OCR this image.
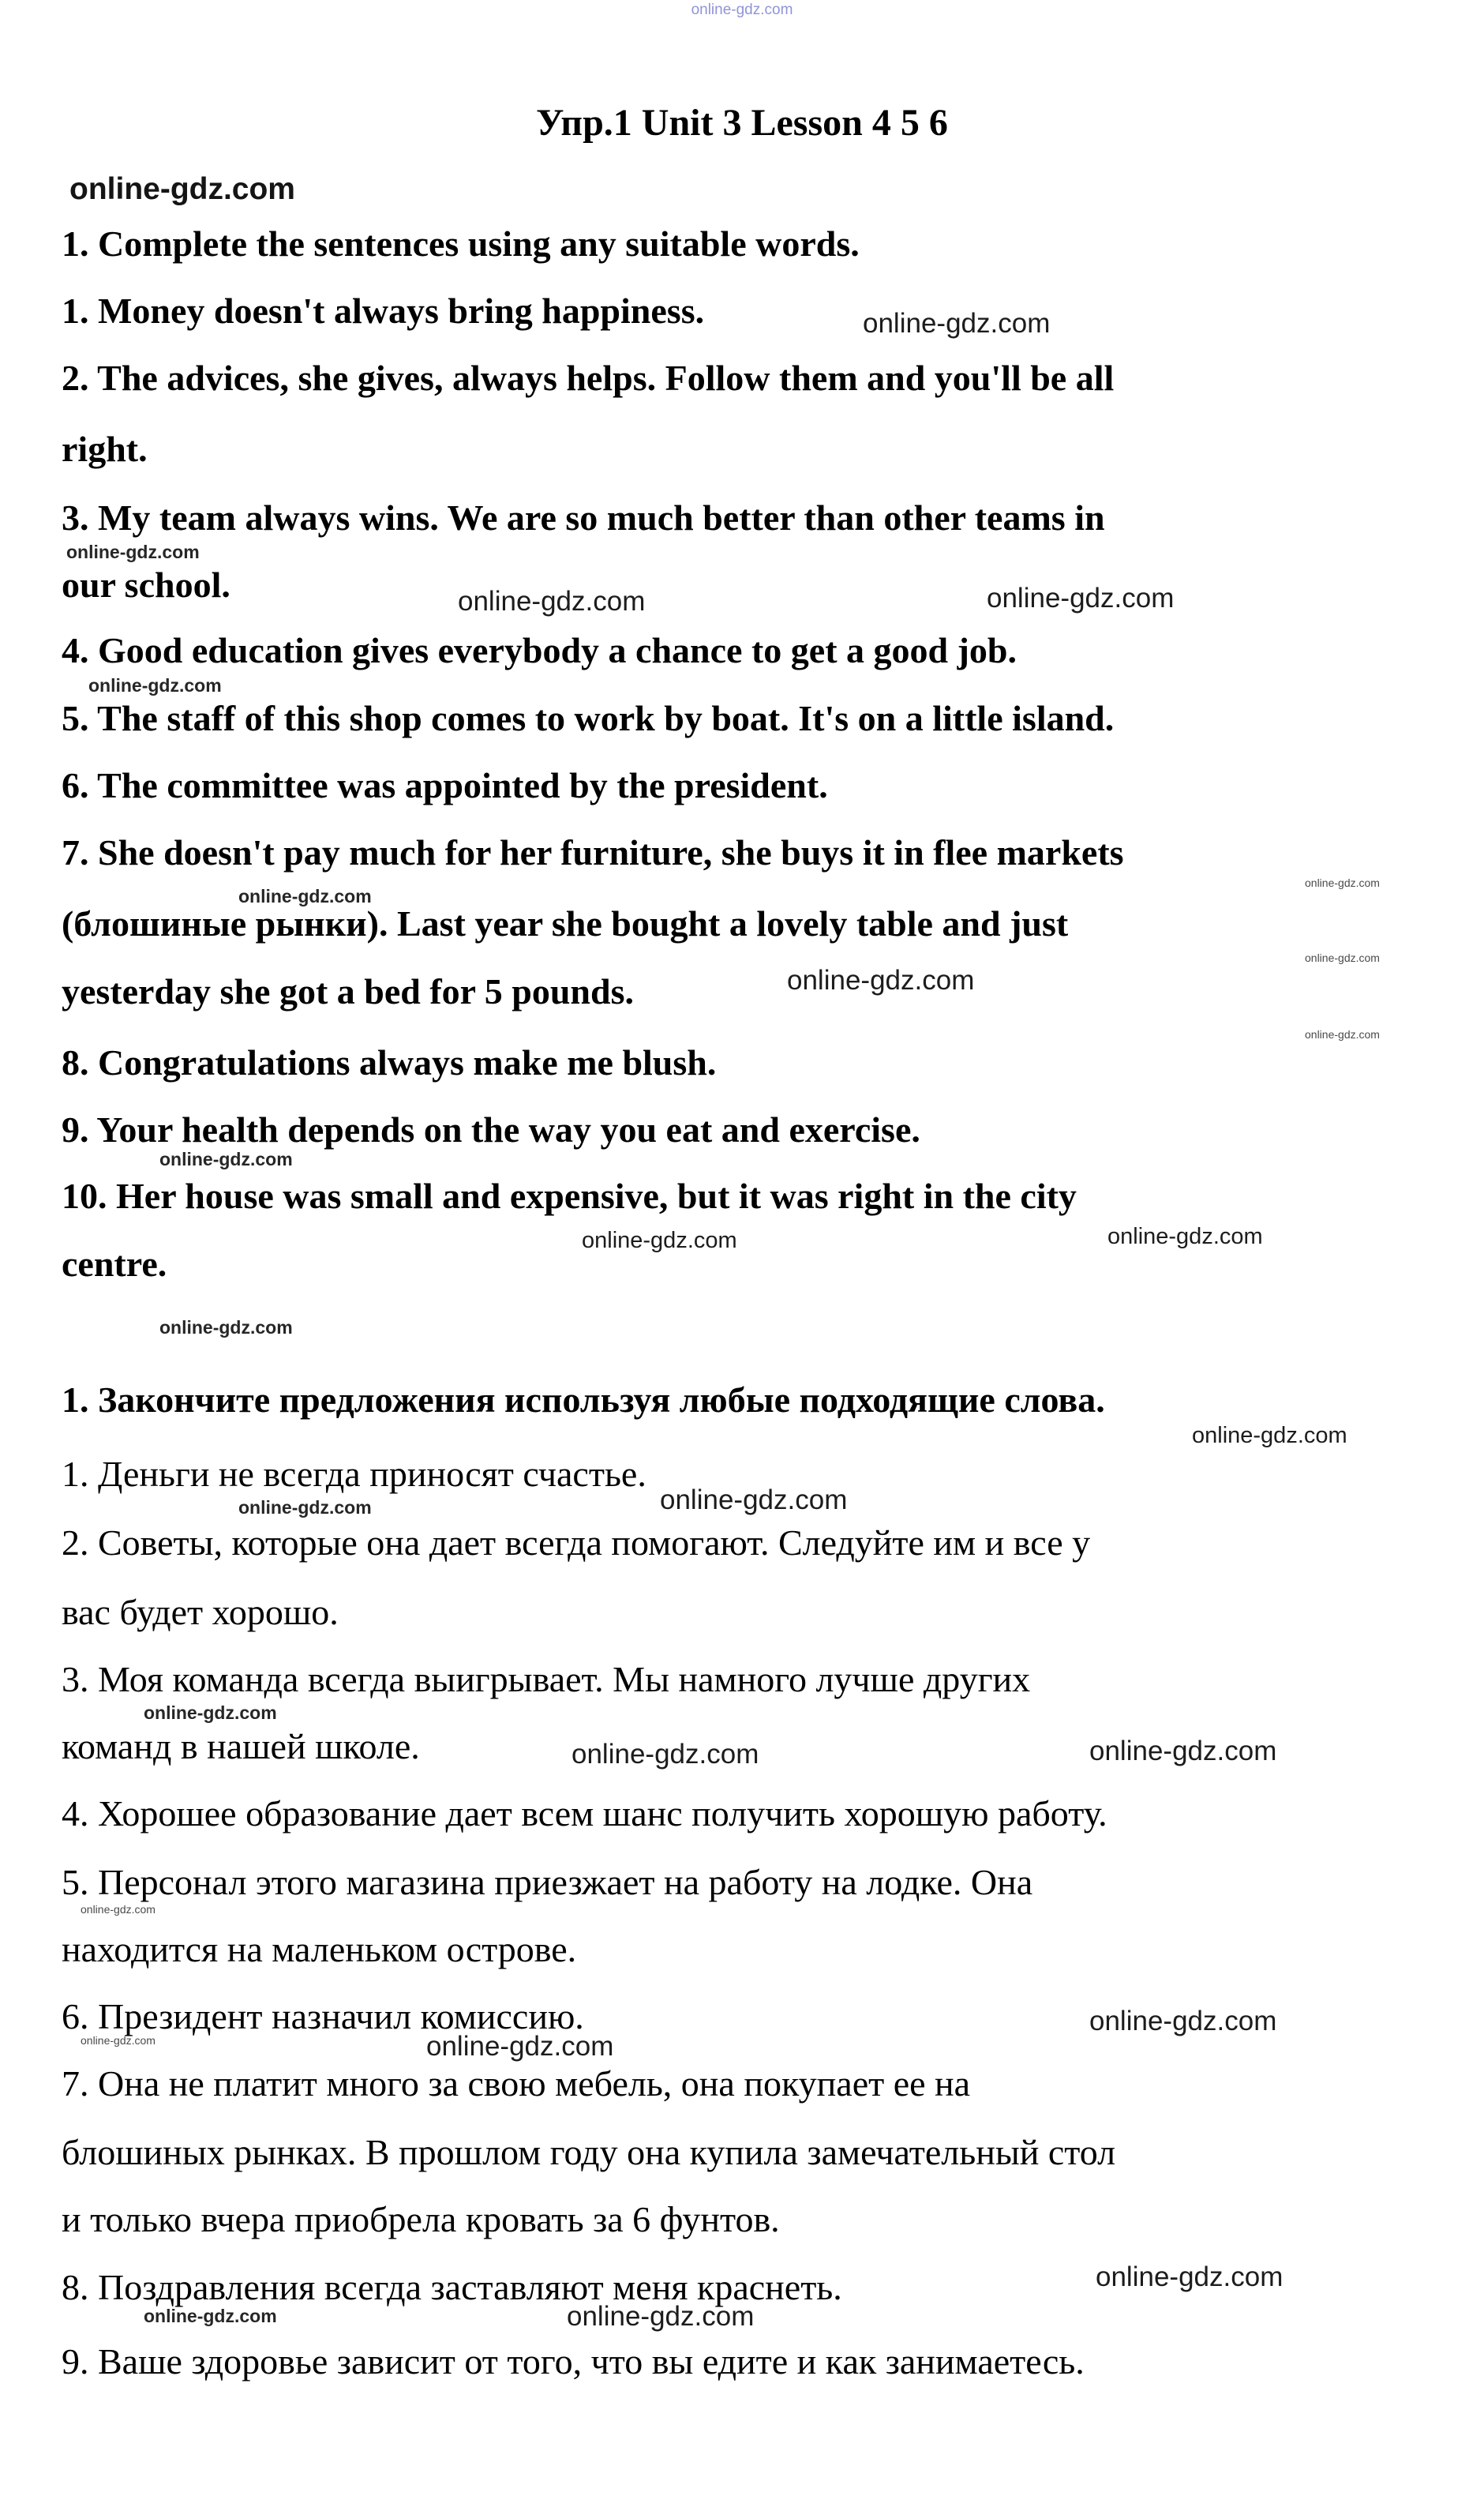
online-gdz.com
Упр.1 Unit 3 Lesson 4 5 6
online-gdz.com
1. Complete the sentences using any suitable words.
1. Money doesn't always bring happiness.	online-gdz.com
2. The advices, she gives, always helps. Follow them and you'll be all
right.
3. My team always wins. We are so much better than other teams in
online-gdz.com
our school.	online-gdz.com	online-gdz.com
4. Good education gives everybody a chance to get a good job.
online-gdz.com
5. The staff of this shop comes to work by boat. It's on a little island.
6. The committee was appointed by the president.
7. She doesn't pay much for her furniture, she buys it in flee markets
online-gdz.com
online-gdz.com
(блошиные рынки). Last year she bought a lovely table and just
online-gdz.com
yesterday she got a bed for 5 pounds.	online-gdz.com
online-gdz.com
8. Congratulations always make me blush.
9. Your health depends on the way you eat and exercise.
online-gdz.com
10. Her house was small and expensive, but it was right in the city
online-gdz.com	online-gdz.com
centre.
online-gdz.com
1. Закончите предложения используя любые подходящие слова.
online-gdz.com
1. Деньги не всегда приносят счастье.
online-gdz.com	online-gdz.com
2. Советы, которые она дает всегда помогают. Следуйте им и все у
вас будет хорошо.
3. Моя команда всегда выигрывает. Мы намного лучше других
online-gdz.com
команд в нашей школе.	online-gdz.com	online-gdz.com
4. Хорошее образование дает всем шанс получить хорошую работу.
5. Персонал этого магазина приезжает на работу на лодке. Она
online-gdz.com
находится на маленьком острове.
6. Президент назначил комиссию.	online-gdz.com
online-gdz.com	online-gdz.com
7. Она не платит много за свою мебель, она покупает ее на
блошиных рынках. В прошлом году она купила замечательный стол
и только вчера приобрела кровать за 6 фунтов.
8. Поздравления всегда заставляют меня краснеть.	online-gdz.com
online-gdz.com	online-gdz.com
9. Ваше здоровье зависит от того, что вы едите и как занимаетесь.
